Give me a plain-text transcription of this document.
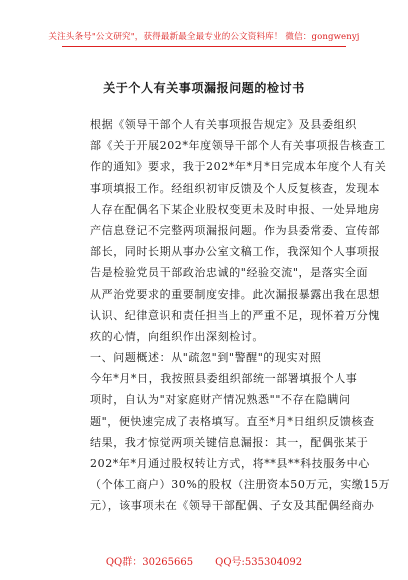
关注头条号"公文研究"，获得最新最全最专业的公文资料库！ 微信：gongwenyj
关于个人有关事项漏报问题的检讨书
根据《领导干部个人有关事项报告规定》及县委组织
部《关于开展202*年度领导干部个人有关事项报告核查工
作的通知》要求，我于202*年*月*日完成本年度个人有关
事项填报工作。经组织初审反馈及个人反复核查，发现本
人存在配偶名下某企业股权变更未及时申报、一处异地房
产信息登记不完整两项漏报问题。作为县委常委、宣传部
部长，同时长期从事办公室文稿工作，我深知个人事项报
告是检验党员干部政治忠诚的"经验交流"，是落实全面
从严治党要求的重要制度安排。此次漏报暴露出我在思想
认识、纪律意识和责任担当上的严重不足，现怀着万分愧
疚的心情，向组织作出深刻检讨。
一、问题概述：从"疏忽"到"警醒"的现实对照
今年*月*日，我按照县委组织部统一部署填报个人事
项时，自认为"对家庭财产情况熟悉""不存在隐瞒问
题"，便快速完成了表格填写。直至*月*日组织反馈核查
结果，我才惊觉两项关键信息漏报：其一，配偶张某于
202*年*月通过股权转让方式，将**县**科技服务中心
（个体工商户）30%的股权（注册资本50万元，实缴15万
元），该事项未在《领导干部配偶、子女及其配偶经商办
QQ群：30265665 QQ号:535304092
